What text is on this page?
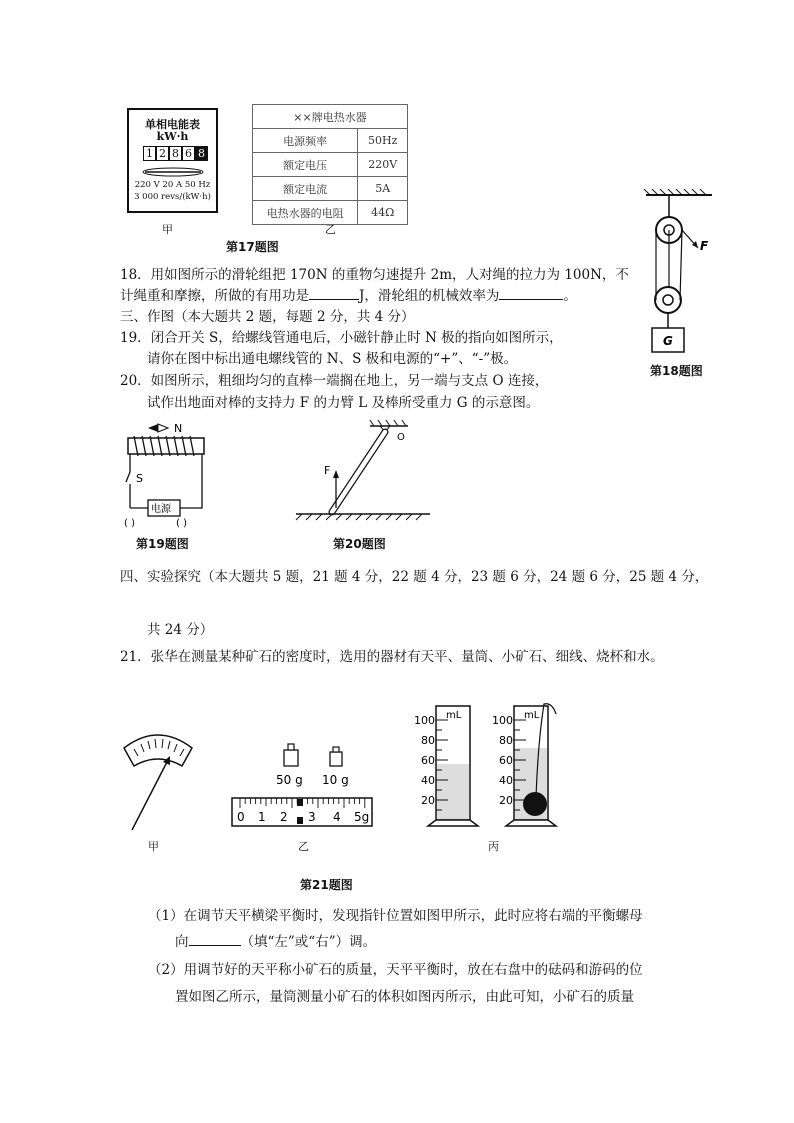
单相电能表
kW·h
1 2 8 6 8
220 V 20 A 50 Hz
3 000 revs/(kW·h)
××牌电热水器	
电源频率	50Hz
额定电压	220V
额定电流	5A
电热水器的电阻	44Ω
甲	乙
第17题图	F
G
第18题图
18．用如图所示的滑轮组把 170N 的重物匀速提升 2m，人对绳的拉力为 100N，不
计绳重和摩擦，所做的有用功是	J，滑轮组的机械效率为	。
三、作图（本大题共 2 题，每题 2 分，共 4 分）
19．闭合开关 S，给螺线管通电后，小磁针静止时 N 极的指向如图所示，
请你在图中标出通电螺线管的 N、S 极和电源的“+”、“-”极。
20．如图所示，粗细均匀的直棒一端搁在地上，另一端与支点 O 连接，
试作出地面对棒的支持力 F 的力臂 L 及棒所受重力 G 的示意图。
N
S
电源
( )	( )
第19题图
O
F
第20题图
四、实验探究（本大题共 5 题，21 题 4 分，22 题 4 分，23 题 6 分，24 题 6 分，25 题 4 分，
共 24 分）
21．张华在测量某种矿石的密度时，选用的器材有天平、量筒、小矿石、细线、烧杯和水。
甲
50 g 10 g
0 1 2 3 4 5g
乙
mL
100
80
60
40
20
mL
100
80
60
40
20
丙
第21题图
（1）在调节天平横梁平衡时，发现指针位置如图甲所示，此时应将右端的平衡螺母
向	（填“左”或“右”）调。
（2）用调节好的天平称小矿石的质量，天平平衡时，放在右盘中的砝码和游码的位
置如图乙所示，量筒测量小矿石的体积如图丙所示，由此可知，小矿石的质量
